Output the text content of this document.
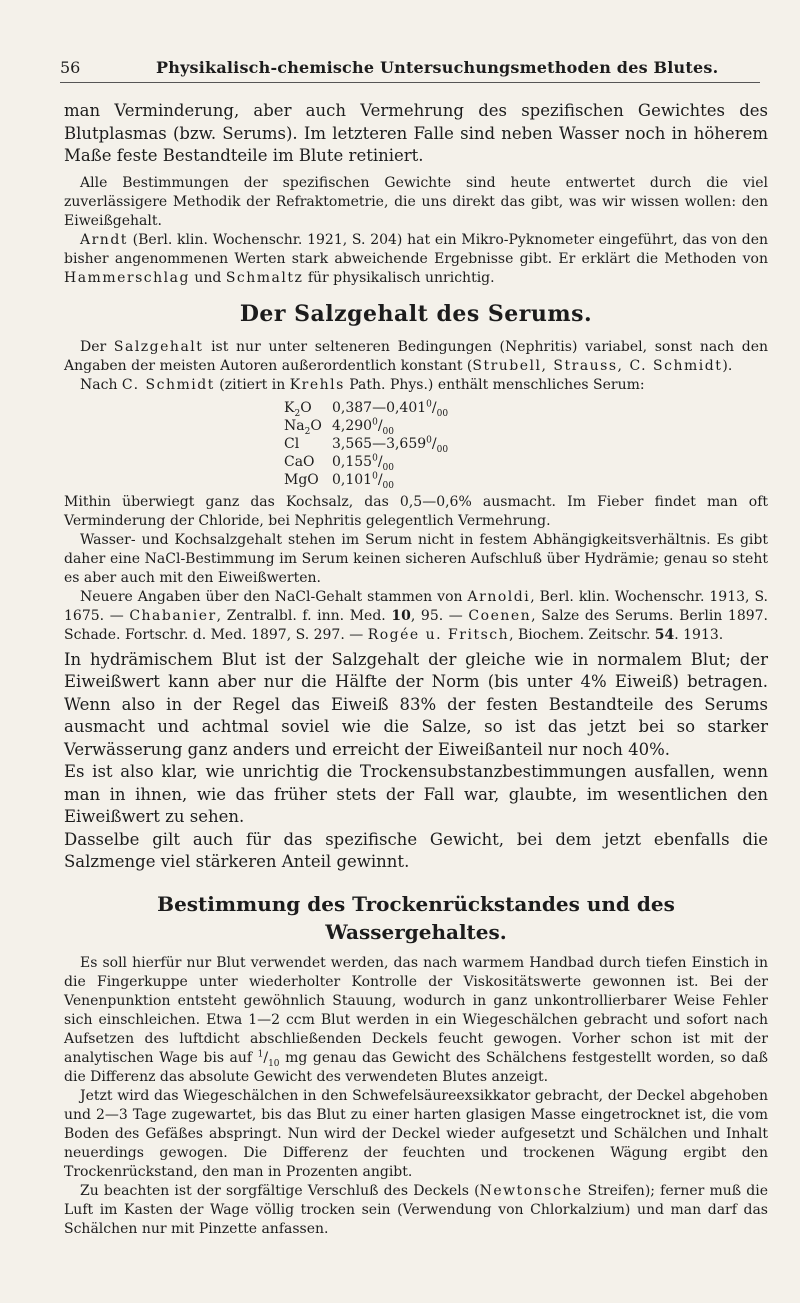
56	Physikalisch-chemische Untersuchungsmethoden des Blutes.

man Verminderung, aber auch Vermehrung des spezifischen Gewichtes des Blutplasmas (bzw. Serums). Im letzteren Falle sind neben Wasser noch in höherem Maße feste Bestandteile im Blute retiniert.

Alle Bestimmungen der spezifischen Gewichte sind heute entwertet durch die viel zuverlässigere Methodik der Refraktometrie, die uns direkt das gibt, was wir wissen wollen: den Eiweißgehalt.

Arndt (Berl. klin. Wochenschr. 1921, S. 204) hat ein Mikro-Pyknometer eingeführt, das von den bisher angenommenen Werten stark abweichende Ergebnisse gibt. Er erklärt die Methoden von Hammerschlag und Schmaltz für physikalisch unrichtig.

Der Salzgehalt des Serums.

Der Salzgehalt ist nur unter selteneren Bedingungen (Nephritis) variabel, sonst nach den Angaben der meisten Autoren außerordentlich konstant (Strubell, Strauss, C. Schmidt).

Nach C. Schmidt (zitiert in Krehls Path. Phys.) enthält menschliches Serum:

$K_2O$	$0,387—0,401^0/_{00}$
$Na_2O$	$4,290^0/_{00}$
Cl	$3,565—3,659^0/_{00}$
CaO	$0,155^0/_{00}$
MgO	$0,101^0/_{00}$

Mithin überwiegt ganz das Kochsalz, das 0,5—0,6% ausmacht. Im Fieber findet man oft Verminderung der Chloride, bei Nephritis gelegentlich Vermehrung.

Wasser- und Kochsalzgehalt stehen im Serum nicht in festem Abhängigkeitsverhältnis. Es gibt daher eine NaCl-Bestimmung im Serum keinen sicheren Aufschluß über Hydrämie; genau so steht es aber auch mit den Eiweißwerten.

Neuere Angaben über den NaCl-Gehalt stammen von Arnoldi, Berl. klin. Wochenschr. 1913, S. 1675. — Chabanier, Zentralbl. f. inn. Med. 10, 95. — Coenen, Salze des Serums. Berlin 1897. Schade. Fortschr. d. Med. 1897, S. 297. — Rogée u. Fritsch, Biochem. Zeitschr. 54. 1913.

In hydrämischem Blut ist der Salzgehalt der gleiche wie in normalem Blut; der Eiweißwert kann aber nur die Hälfte der Norm (bis unter 4% Eiweiß) betragen. Wenn also in der Regel das Eiweiß 83% der festen Bestandteile des Serums ausmacht und achtmal soviel wie die Salze, so ist das jetzt bei so starker Verwässerung ganz anders und erreicht der Eiweißanteil nur noch 40%.

Es ist also klar, wie unrichtig die Trockensubstanzbestimmungen ausfallen, wenn man in ihnen, wie das früher stets der Fall war, glaubte, im wesentlichen den Eiweißwert zu sehen.

Dasselbe gilt auch für das spezifische Gewicht, bei dem jetzt ebenfalls die Salzmenge viel stärkeren Anteil gewinnt.

Bestimmung des Trockenrückstandes und des Wassergehaltes.

Es soll hierfür nur Blut verwendet werden, das nach warmem Handbad durch tiefen Einstich in die Fingerkuppe unter wiederholter Kontrolle der Viskositätswerte gewonnen ist. Bei der Venenpunktion entsteht gewöhnlich Stauung, wodurch in ganz unkontrollierbarer Weise Fehler sich einschleichen. Etwa 1—2 ccm Blut werden in ein Wiegeschälchen gebracht und sofort nach Aufsetzen des luftdicht abschließenden Deckels feucht gewogen. Vorher schon ist mit der analytischen Wage bis auf $^1/_{10}$ mg genau das Gewicht des Schälchens festgestellt worden, so daß die Differenz das absolute Gewicht des verwendeten Blutes anzeigt.

Jetzt wird das Wiegeschälchen in den Schwefelsäureexsikkator gebracht, der Deckel abgehoben und 2—3 Tage zugewartet, bis das Blut zu einer harten glasigen Masse eingetrocknet ist, die vom Boden des Gefäßes abspringt. Nun wird der Deckel wieder aufgesetzt und Schälchen und Inhalt neuerdings gewogen. Die Differenz der feuchten und trockenen Wägung ergibt den Trockenrückstand, den man in Prozenten angibt.

Zu beachten ist der sorgfältige Verschluß des Deckels (Newtonsche Streifen); ferner muß die Luft im Kasten der Wage völlig trocken sein (Verwendung von Chlorkalzium) und man darf das Schälchen nur mit Pinzette anfassen.
